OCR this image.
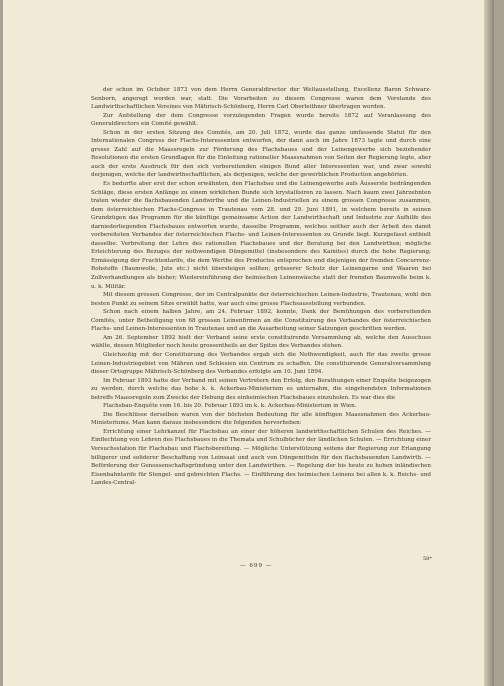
der schon im October 1873 von dem Herrn Generaldirector der Weltausstellung, Excellenz Baron Schwarz-Senborn, angeregt worden war, statt. Die Vorarbeiten zu diesem Congresse waren dem Vorstande des Landwirthschaftlichen Vereines von Mährisch-Schönberg, Herrn Carl Oberleithner übertragen worden.

Zur Aufstellung der dem Congresse vorzulegenden Fragen wurde bereits 1872 auf Veranlassung des Generaldirectors ein Comité gewählt.

Schon in der ersten Sitzung des Comités, am 20. Juli 1872, wurde das ganze umfassende Statut für den Internationalen Congress der Flachs-Interessenten entworfen, der dann auch im Jahre 1873 tagte und durch eine grosse Zahl auf die Maassregeln zur Förderung des Flachsbaues und der Leinengewerbe sich beziehender Resolutionen die ersten Grundlagen für die Einleitung rationeller Maassnahmen von Seiten der Regierung legte, aber auch der erste Ausdruck für den sich vorbereitenden einigen Bund aller Interessenten war, und zwar sowohl derjenigen, welche der landwirthschaftlichen, als derjenigen, welche der gewerblichen Production angehörten.

Es bedurfte aber erst der schon erwähnten, den Flachsbau und die Leinengewerbe aufs Äusserste bedrängenden Schläge, diese ersten Anfänge zu einem wirklichen Bunde sich krystallisiren zu lassen. Nach kaum zwei Jahrzehnten traten wieder die flachsbauenden Landwirthe und die Leinen-Industriellen zu einem grossen Congresse zusammen, dem österreichischen Flachs-Congress in Trautenau vom 28. und 29. Juni 1891, in welchem bereits in seinen Grundzügen das Programm für die künftige gemeinsame Action der Landwirthschaft und Industrie zur Aufhilfe des darniederliegenden Flachsbaues entworfen wurde, dasselbe Programm, welches seither auch der Arbeit des damit vorbereiteten Verbandes der österreichischen Flachs- und Leinen-Interessenten zu Grunde liegt. Kurzgefasst enthielt dasselbe: Verbreitung der Lehre des rationellen Flachsbaues und der Beratung bei den Landwirthen; mögliche Erleichterung des Bezuges der nothwendigen Düngemittel (insbesondere des Kainites) durch die hohe Regierung; Ermässigung der Frachtentarife, die dem Werthe des Productes entsprechen und diejenigen der fremden Concurrenz-Rohstoffe (Baumwolle, Jute etc.) nicht übersteigen sollten; grösserer Schutz der Leinengarne und Waaren bei Zollverhandlungen als bisher; Wiedereinführung der heimischen Leinenwäsche statt der fremden Baumwolle beim k. u. k. Militär.

Mit diesem grossen Congresse, der im Centralpunkte der österreichischen Leinen-Industrie, Trautenau, wohl den besten Punkt zu seinem Sitze erwählt hatte, war auch eine grosse Flachsausstellung verbunden.

Schon nach einem halben Jahre, am 24. Februar 1892, konnte, Dank der Bemühungen des vorbereitenden Comités, unter Betheiligung von 68 grossen Leinenfirmen an die Constituirung des Verbandes der österreichischen Flachs- und Leinen-Interessenten in Trautenau und an die Ausarbeitung seiner Satzungen geschritten werden.

Am 26. September 1892 hielt der Verband seine erste constituirende Versammlung ab, welche den Ausschuss wählte, dessen Mitglieder noch heute grossentheils an der Spitze des Verbandes stehen.

Gleichzeitig mit der Constituirung des Verbandes ergab sich die Nothwendigkeit, auch für das zweite grosse Leinen-Industriegebiet von Mähren und Schlesien ein Centrum zu schaffen. Die constituirende Generalversammlung dieser Ortsgruppe Mährisch-Schönberg des Verbandes erfolgte am 10. Juni 1894.

Im Februar 1893 hatte der Verband mit seinen Vertretern den Erfolg, den Berathungen einer Enquête beigezogen zu werden, durch welche das hohe k. k. Ackerbau-Ministerium es unternahm, die eingehendsten Informationen betreffs Maassregeln zum Zwecke der Hebung des einheimischen Flachsbaues einzuholen. Es war dies die

Flachsbau-Enquête vom 16. bis 20. Februar 1893 im k. k. Ackerbau-Ministerium in Wien.

Die Beschlüsse derselben waren von der höchsten Bedeutung für alle künftigen Maassnahmen des Ackerbau-Ministeriums. Man kann daraus insbesondere die folgenden hervorheben:

Errichtung einer Lehrkanzel für Flachsbau an einer der höheren landwirthschaftlichen Schulen des Reiches. — Einflechtung von Lehren des Flachsbaues in die Themata und Schulbücher der ländlichen Schulen. — Errichtung einer Versuchsstation für Flachsbau und Flachsbereitung. — Mögliche Unterstützung seitens der Regierung zur Erlangung billigerer und soliderer Beschaffung von Leinsaat und auch von Düngemitteln für den flachsbauenden Landwirth. — Beförderung der Genossenschaftsgründung unter den Landwirthen. — Regelung der bis heute zu hohen inländischen Eisenbahntarife für Stengel- und gebrechten Flachs. — Einführung des heimischen Leinens bei allen k. k. Reichs- und Landes-Central-

— 699 —
58*
